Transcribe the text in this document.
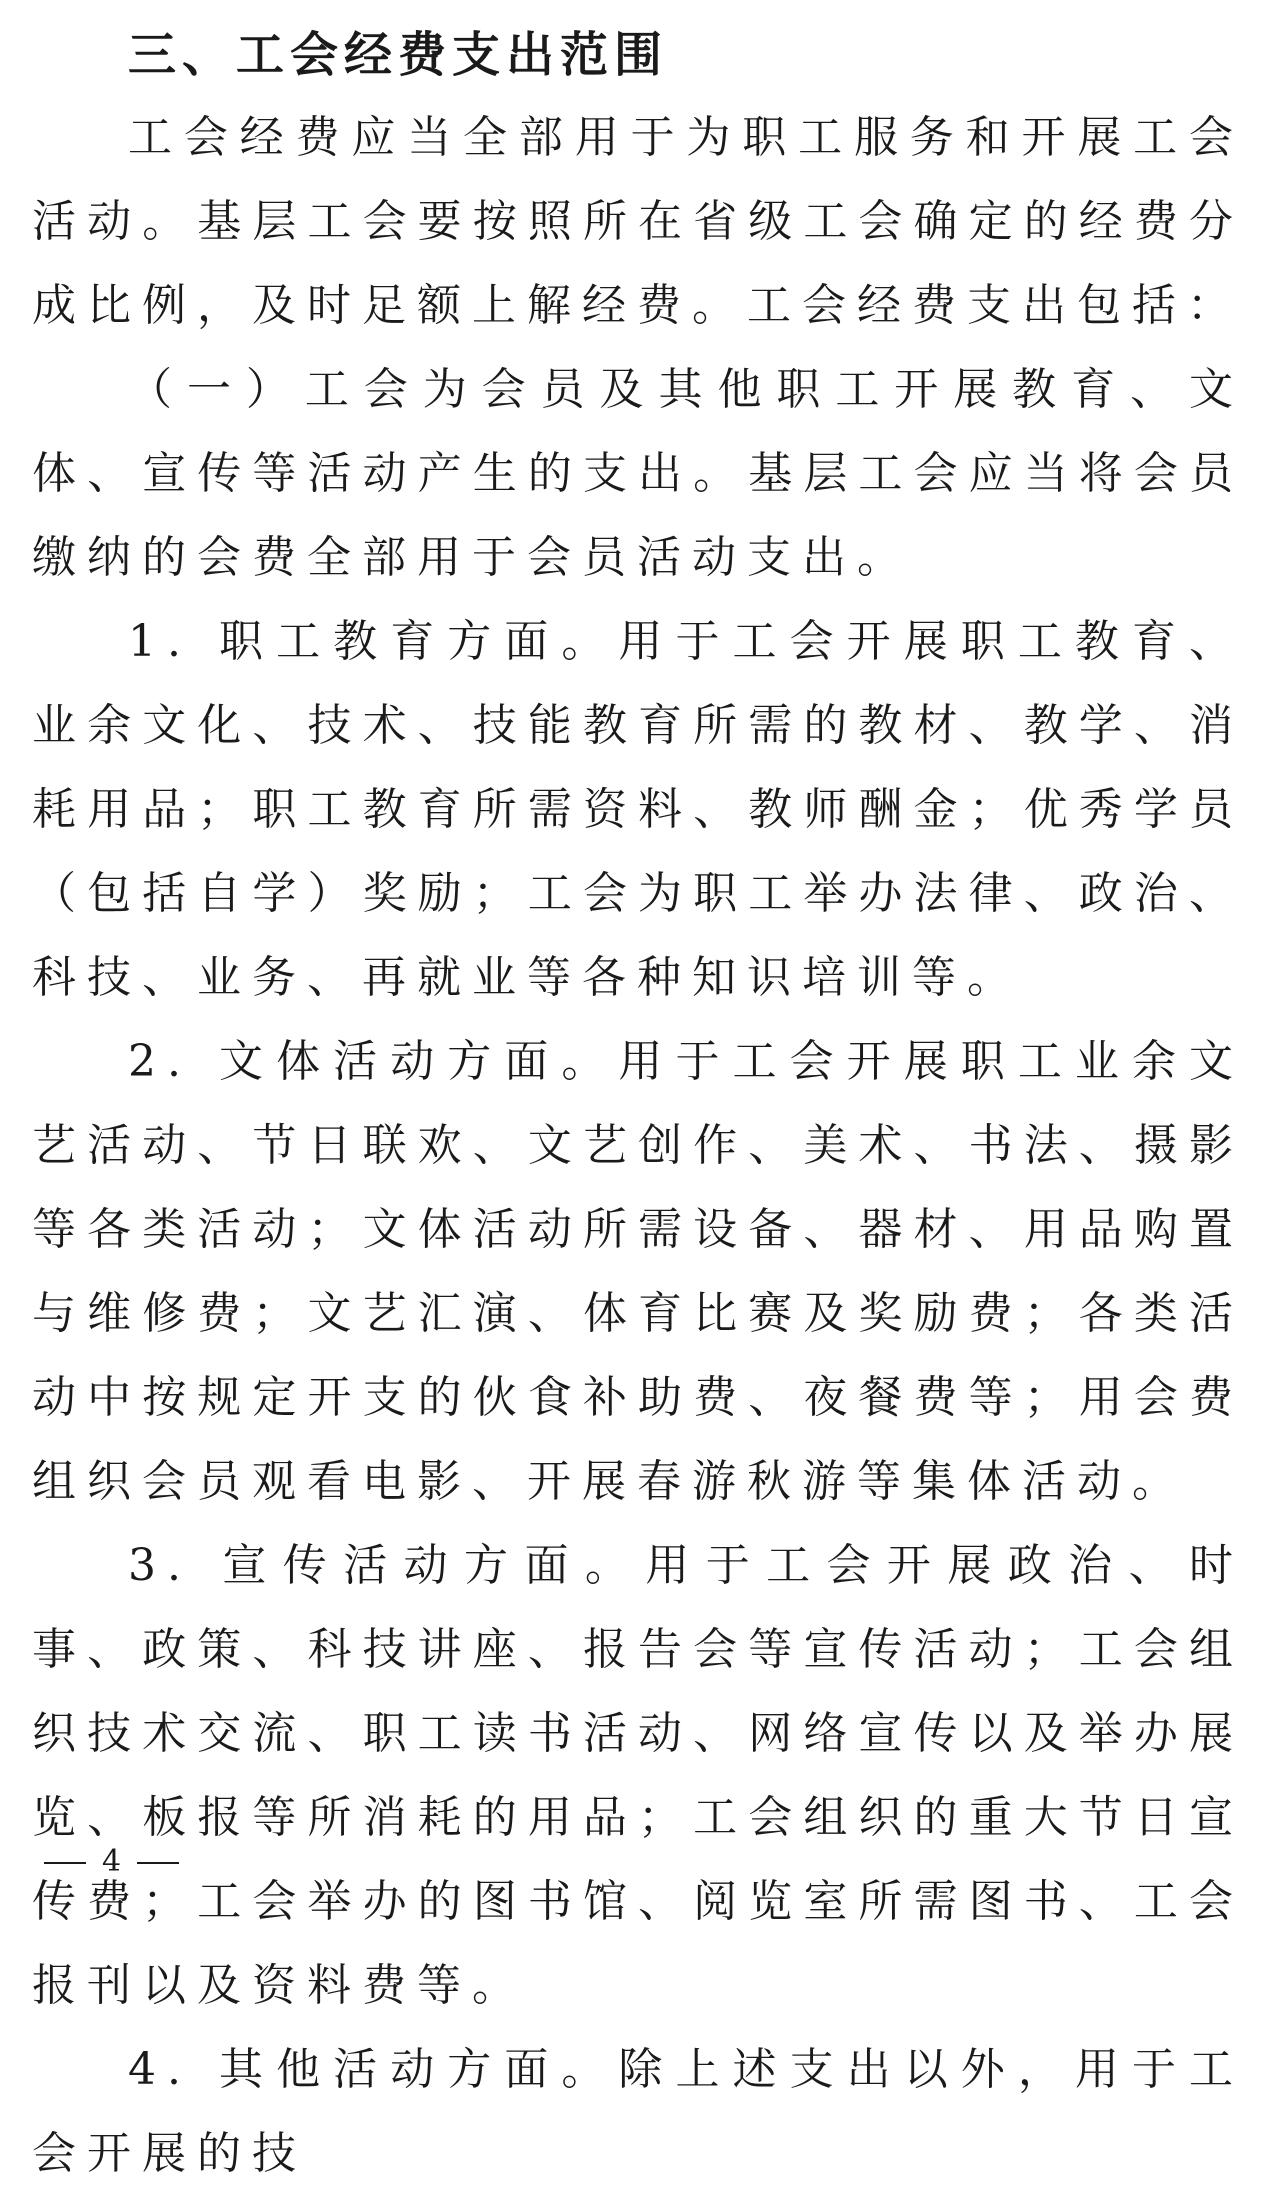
三、工会经费支出范围

工会经费应当全部用于为职工服务和开展工会活动。基层工会要按照所在省级工会确定的经费分成比例，及时足额上解经费。工会经费支出包括：

（一）工会为会员及其他职工开展教育、文体、宣传等活动产生的支出。基层工会应当将会员缴纳的会费全部用于会员活动支出。

1. 职工教育方面。用于工会开展职工教育、业余文化、技术、技能教育所需的教材、教学、消耗用品；职工教育所需资料、教师酬金；优秀学员（包括自学）奖励；工会为职工举办法律、政治、科技、业务、再就业等各种知识培训等。

2. 文体活动方面。用于工会开展职工业余文艺活动、节日联欢、文艺创作、美术、书法、摄影等各类活动；文体活动所需设备、器材、用品购置与维修费；文艺汇演、体育比赛及奖励费；各类活动中按规定开支的伙食补助费、夜餐费等；用会费组织会员观看电影、开展春游秋游等集体活动。

3. 宣传活动方面。用于工会开展政治、时事、政策、科技讲座、报告会等宣传活动；工会组织技术交流、职工读书活动、网络宣传以及举办展览、板报等所消耗的用品；工会组织的重大节日宣传费；工会举办的图书馆、阅览室所需图书、工会报刊以及资料费等。

4. 其他活动方面。除上述支出以外，用于工会开展的技

4
